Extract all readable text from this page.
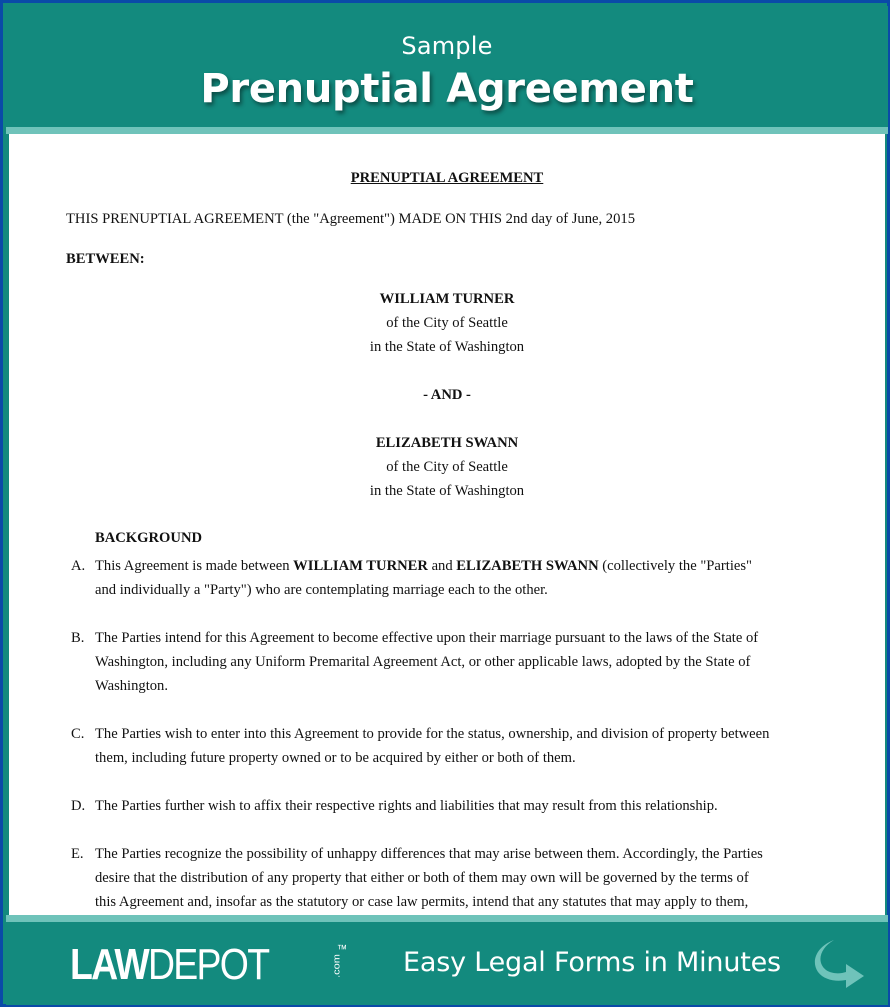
Sample
Prenuptial Agreement
PRENUPTIAL AGREEMENT
THIS PRENUPTIAL AGREEMENT (the "Agreement") MADE ON THIS 2nd day of June, 2015
BETWEEN:
WILLIAM TURNER
of the City of Seattle
in the State of Washington
- AND -
ELIZABETH SWANN
of the City of Seattle
in the State of Washington
BACKGROUND
A. This Agreement is made between WILLIAM TURNER and ELIZABETH SWANN (collectively the "Parties"
and individually a "Party") who are contemplating marriage each to the other.
B. The Parties intend for this Agreement to become effective upon their marriage pursuant to the laws of the State of
Washington, including any Uniform Premarital Agreement Act, or other applicable laws, adopted by the State of
Washington.
C. The Parties wish to enter into this Agreement to provide for the status, ownership, and division of property between
them, including future property owned or to be acquired by either or both of them.
D. The Parties further wish to affix their respective rights and liabilities that may result from this relationship.
E. The Parties recognize the possibility of unhappy differences that may arise between them. Accordingly, the Parties
desire that the distribution of any property that either or both of them may own will be governed by the terms of
this Agreement and, insofar as the statutory or case law permits, intend that any statutes that may apply to them,
LAWDEPOT	.com
™ Easy Legal Forms in Minutes
